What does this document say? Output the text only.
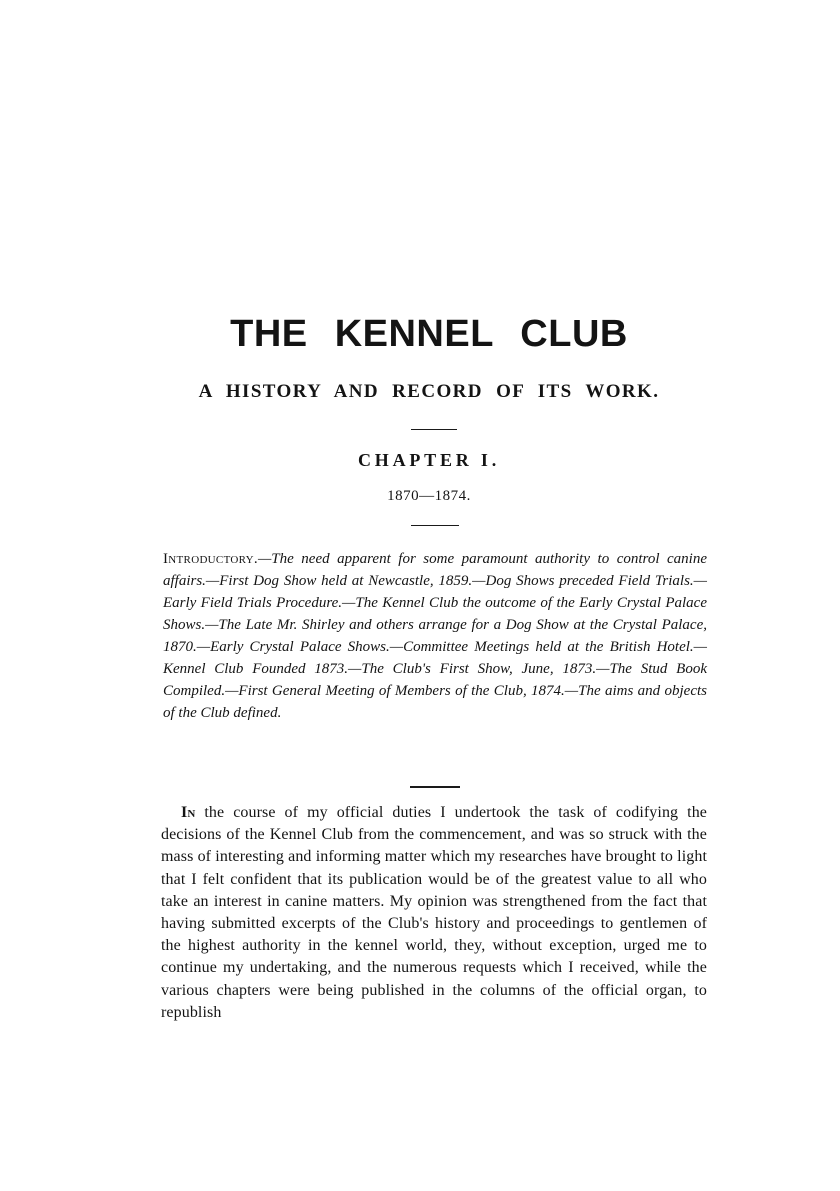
THE KENNEL CLUB
A HISTORY AND RECORD OF ITS WORK.
CHAPTER I.
1870—1874.

Introductory.—The need apparent for some paramount authority to control canine affairs.—First Dog Show held at Newcastle, 1859.—Dog Shows preceded Field Trials.—Early Field Trials Procedure.—The Kennel Club the outcome of the Early Crystal Palace Shows.—The Late Mr. Shirley and others arrange for a Dog Show at the Crystal Palace, 1870.—Early Crystal Palace Shows.—Committee Meetings held at the British Hotel.—Kennel Club Founded 1873.—The Club's First Show, June, 1873.—The Stud Book Compiled.—First General Meeting of Members of the Club, 1874.—The aims and objects of the Club defined.

In the course of my official duties I undertook the task of codifying the decisions of the Kennel Club from the commencement, and was so struck with the mass of interesting and informing matter which my researches have brought to light that I felt confident that its publication would be of the greatest value to all who take an interest in canine matters. My opinion was strengthened from the fact that having submitted excerpts of the Club's history and proceedings to gentlemen of the highest authority in the kennel world, they, without exception, urged me to continue my undertaking, and the numerous requests which I received, while the various chapters were being published in the columns of the official organ, to republish
